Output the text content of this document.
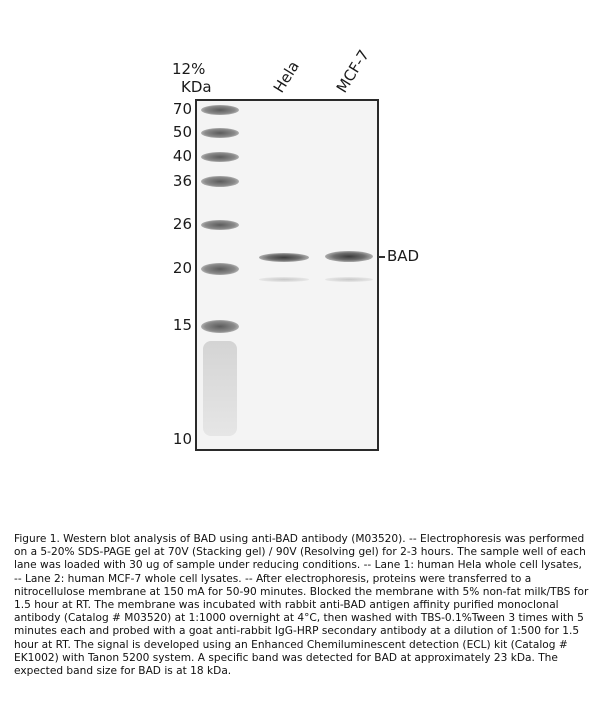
12%
KDa	Hela MCF-7
70
50
40
36
26
20
15
10
BAD
Figure 1. Western blot analysis of BAD using anti-BAD antibody (M03520). -- Electrophoresis was performed on a 5-20% SDS-PAGE gel at 70V (Stacking gel) / 90V (Resolving gel) for 2-3 hours. The sample well of each lane was loaded with 30 ug of sample under reducing conditions. -- Lane 1: human Hela whole cell lysates, -- Lane 2: human MCF-7 whole cell lysates. -- After electrophoresis, proteins were transferred to a nitrocellulose membrane at 150 mA for 50-90 minutes. Blocked the membrane with 5% non-fat milk/TBS for 1.5 hour at RT. The membrane was incubated with rabbit anti-BAD antigen affinity purified monoclonal antibody (Catalog # M03520) at 1:1000 overnight at 4°C, then washed with TBS-0.1%Tween 3 times with 5 minutes each and probed with a goat anti-rabbit IgG-HRP secondary antibody at a dilution of 1:500 for 1.5 hour at RT. The signal is developed using an Enhanced Chemiluminescent detection (ECL) kit (Catalog # EK1002) with Tanon 5200 system. A specific band was detected for BAD at approximately 23 kDa. The expected band size for BAD is at 18 kDa.
